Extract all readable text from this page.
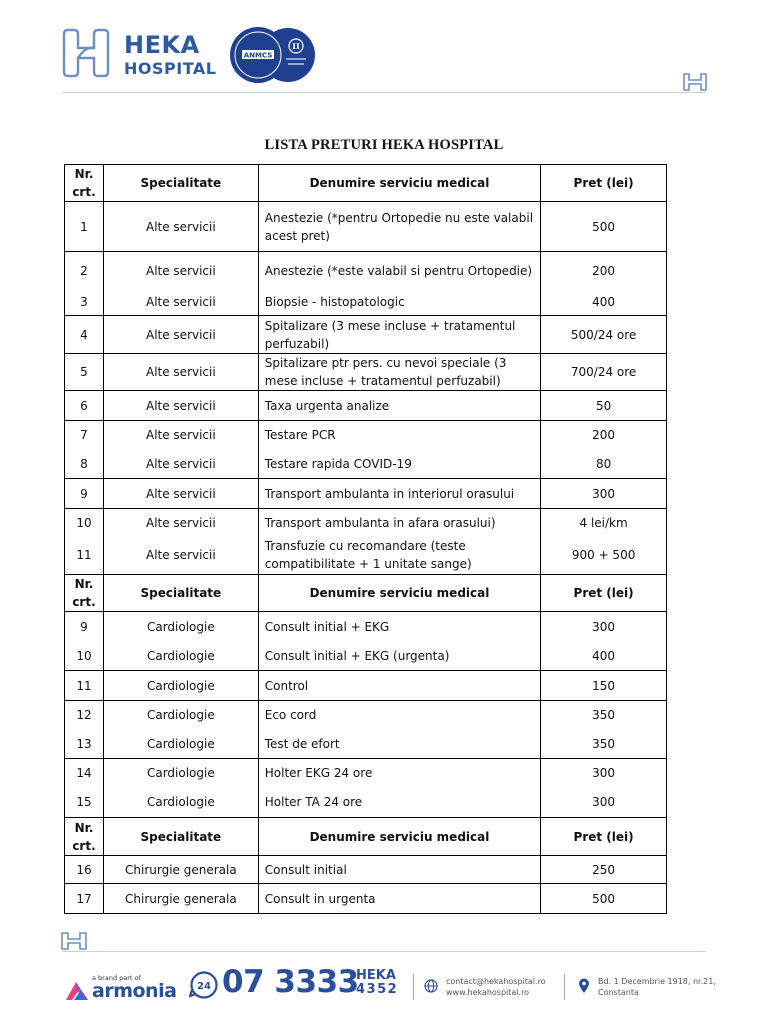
HEKA
HOSPITAL
ANMCS
II
LISTA PRETURI HEKA HOSPITAL
Nr. crt.	Specialitate	Denumire serviciu medical	Pret (lei)
1	Alte servicii	Anestezie (*pentru Ortopedie nu este valabil acest pret)	500
2	Alte servicii	Anestezie (*este valabil si pentru Ortopedie)	200
3	Alte servicii	Biopsie - histopatologic	400
4	Alte servicii	Spitalizare (3 mese incluse + tratamentul perfuzabil)	500/24 ore
5	Alte servicii	Spitalizare ptr pers. cu nevoi speciale (3 mese incluse + tratamentul perfuzabil)	700/24 ore
6	Alte servicii	Taxa urgenta analize	50
7	Alte servicii	Testare PCR	200
8	Alte servicii	Testare rapida COVID-19	80
9	Alte servicii	Transport ambulanta in interiorul orasului	300
10	Alte servicii	Transport ambulanta in afara orasului)	4 lei/km
11	Alte servicii	Transfuzie cu recomandare (teste compatibilitate + 1 unitate sange)	900 + 500
Nr. crt.	Specialitate	Denumire serviciu medical	Pret (lei)
9	Cardiologie	Consult initial + EKG	300
10	Cardiologie	Consult initial + EKG (urgenta)	400
11	Cardiologie	Control	150
12	Cardiologie	Eco cord	350
13	Cardiologie	Test de efort	350
14	Cardiologie	Holter EKG 24 ore	300
15	Cardiologie	Holter TA 24 ore	300
Nr. crt.	Specialitate	Denumire serviciu medical	Pret (lei)
16	Chirurgie generala	Consult initial	250
17	Chirurgie generala	Consult in urgenta	500
a brand part of
armonia 24 07 3333
HEKA
4352
contact@hekahospital.ro
www.hekahospital.ro
Bd. 1 Decembrie 1918, nr.21,
Constanta
